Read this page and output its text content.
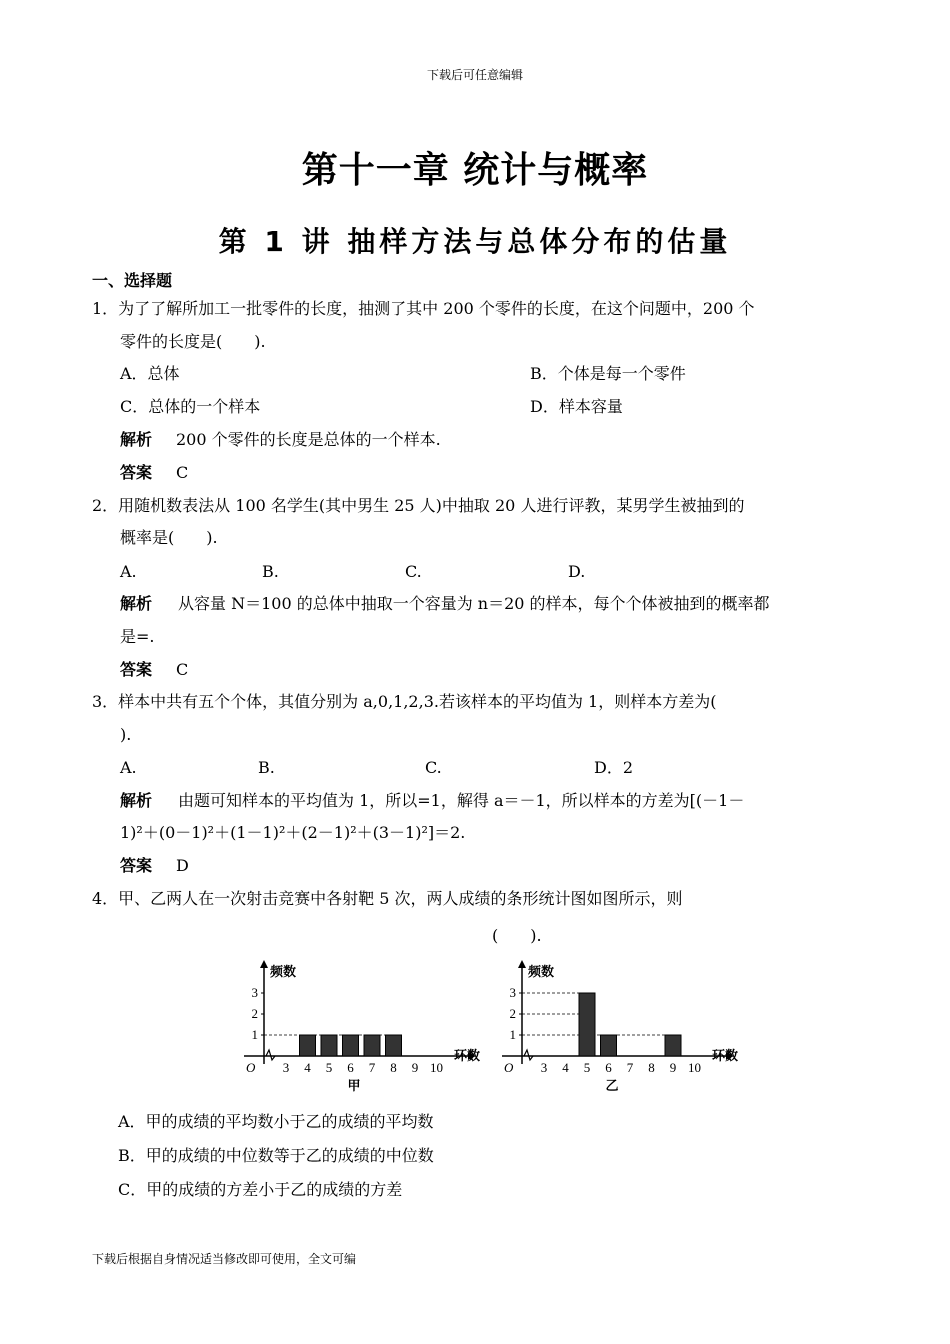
下载后可任意编辑
第十一章 统计与概率
第 1 讲 抽样方法与总体分布的估量
一、选择题
1．为了了解所加工一批零件的长度，抽测了其中 200 个零件的长度，在这个问题中，200 个
零件的长度是(　　).
A．总体	B．个体是每一个零件
C．总体的一个样本	D．样本容量
解析 200 个零件的长度是总体的一个样本.
答案 C
2．用随机数表法从 100 名学生(其中男生 25 人)中抽取 20 人进行评教，某男学生被抽到的
概率是(　　).
A.	B.	C.	D.
解析 从容量 N＝100 的总体中抽取一个容量为 n＝20 的样本，每个个体被抽到的概率都
是=.
答案 C
3．样本中共有五个个体，其值分别为 a,0,1,2,3.若该样本的平均值为 1，则样本方差为(
).
A.	B.	C.	D．2
解析 由题可知样本的平均值为 1，所以=1，解得 a＝－1，所以样本的方差为[(－1－
1)²＋(0－1)²＋(1－1)²＋(2－1)²＋(3－1)²]＝2.
答案 D
4．甲、乙两人在一次射击竞赛中各射靶 5 次，两人成绩的条形统计图如图所示，则
(　　).
频数
1
2
3
O 3 4 5 6 7 8 9 10
环数
甲
频数
1
2
3
O 3 4 5 6 7 8 9 10
环数
乙
A．甲的成绩的平均数小于乙的成绩的平均数
B．甲的成绩的中位数等于乙的成绩的中位数
C．甲的成绩的方差小于乙的成绩的方差
下载后根据自身情况适当修改即可使用，全文可编
